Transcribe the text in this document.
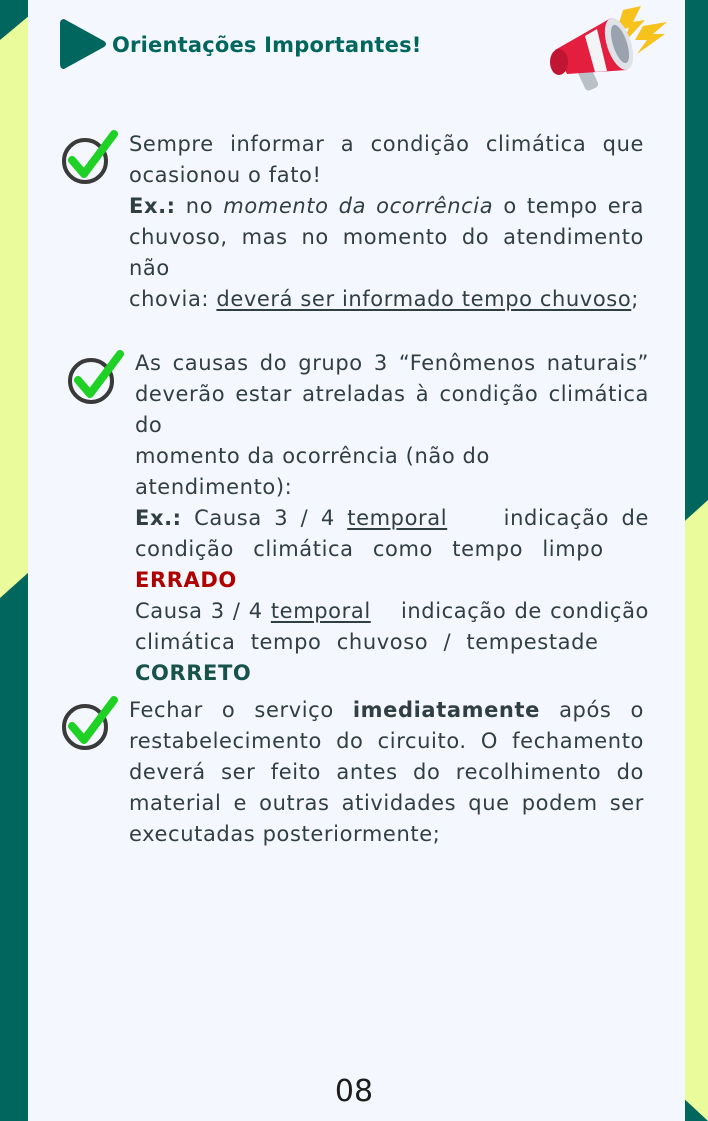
Orientações Importantes!

Sempre informar a condição climática que

ocasionou o fato!

Ex.: no momento da ocorrência o tempo era

chuvoso, mas no momento do atendimento não

chovia: deverá ser informado tempo chuvoso;

As causas do grupo 3 “Fenômenos naturais”

deverão estar atreladas à condição climática do

momento da ocorrência (não do atendimento):

Ex.: Causa 3 / 4 temporal	indicação de

condição climática como tempo limpo

ERRADO

Causa 3 / 4 temporal indicação de condição

climática tempo chuvoso / tempestade

CORRETO

Fechar o serviço imediatamente após o

restabelecimento do circuito. O fechamento

deverá ser feito antes do recolhimento do

material e outras atividades que podem ser

executadas posteriormente;

08
